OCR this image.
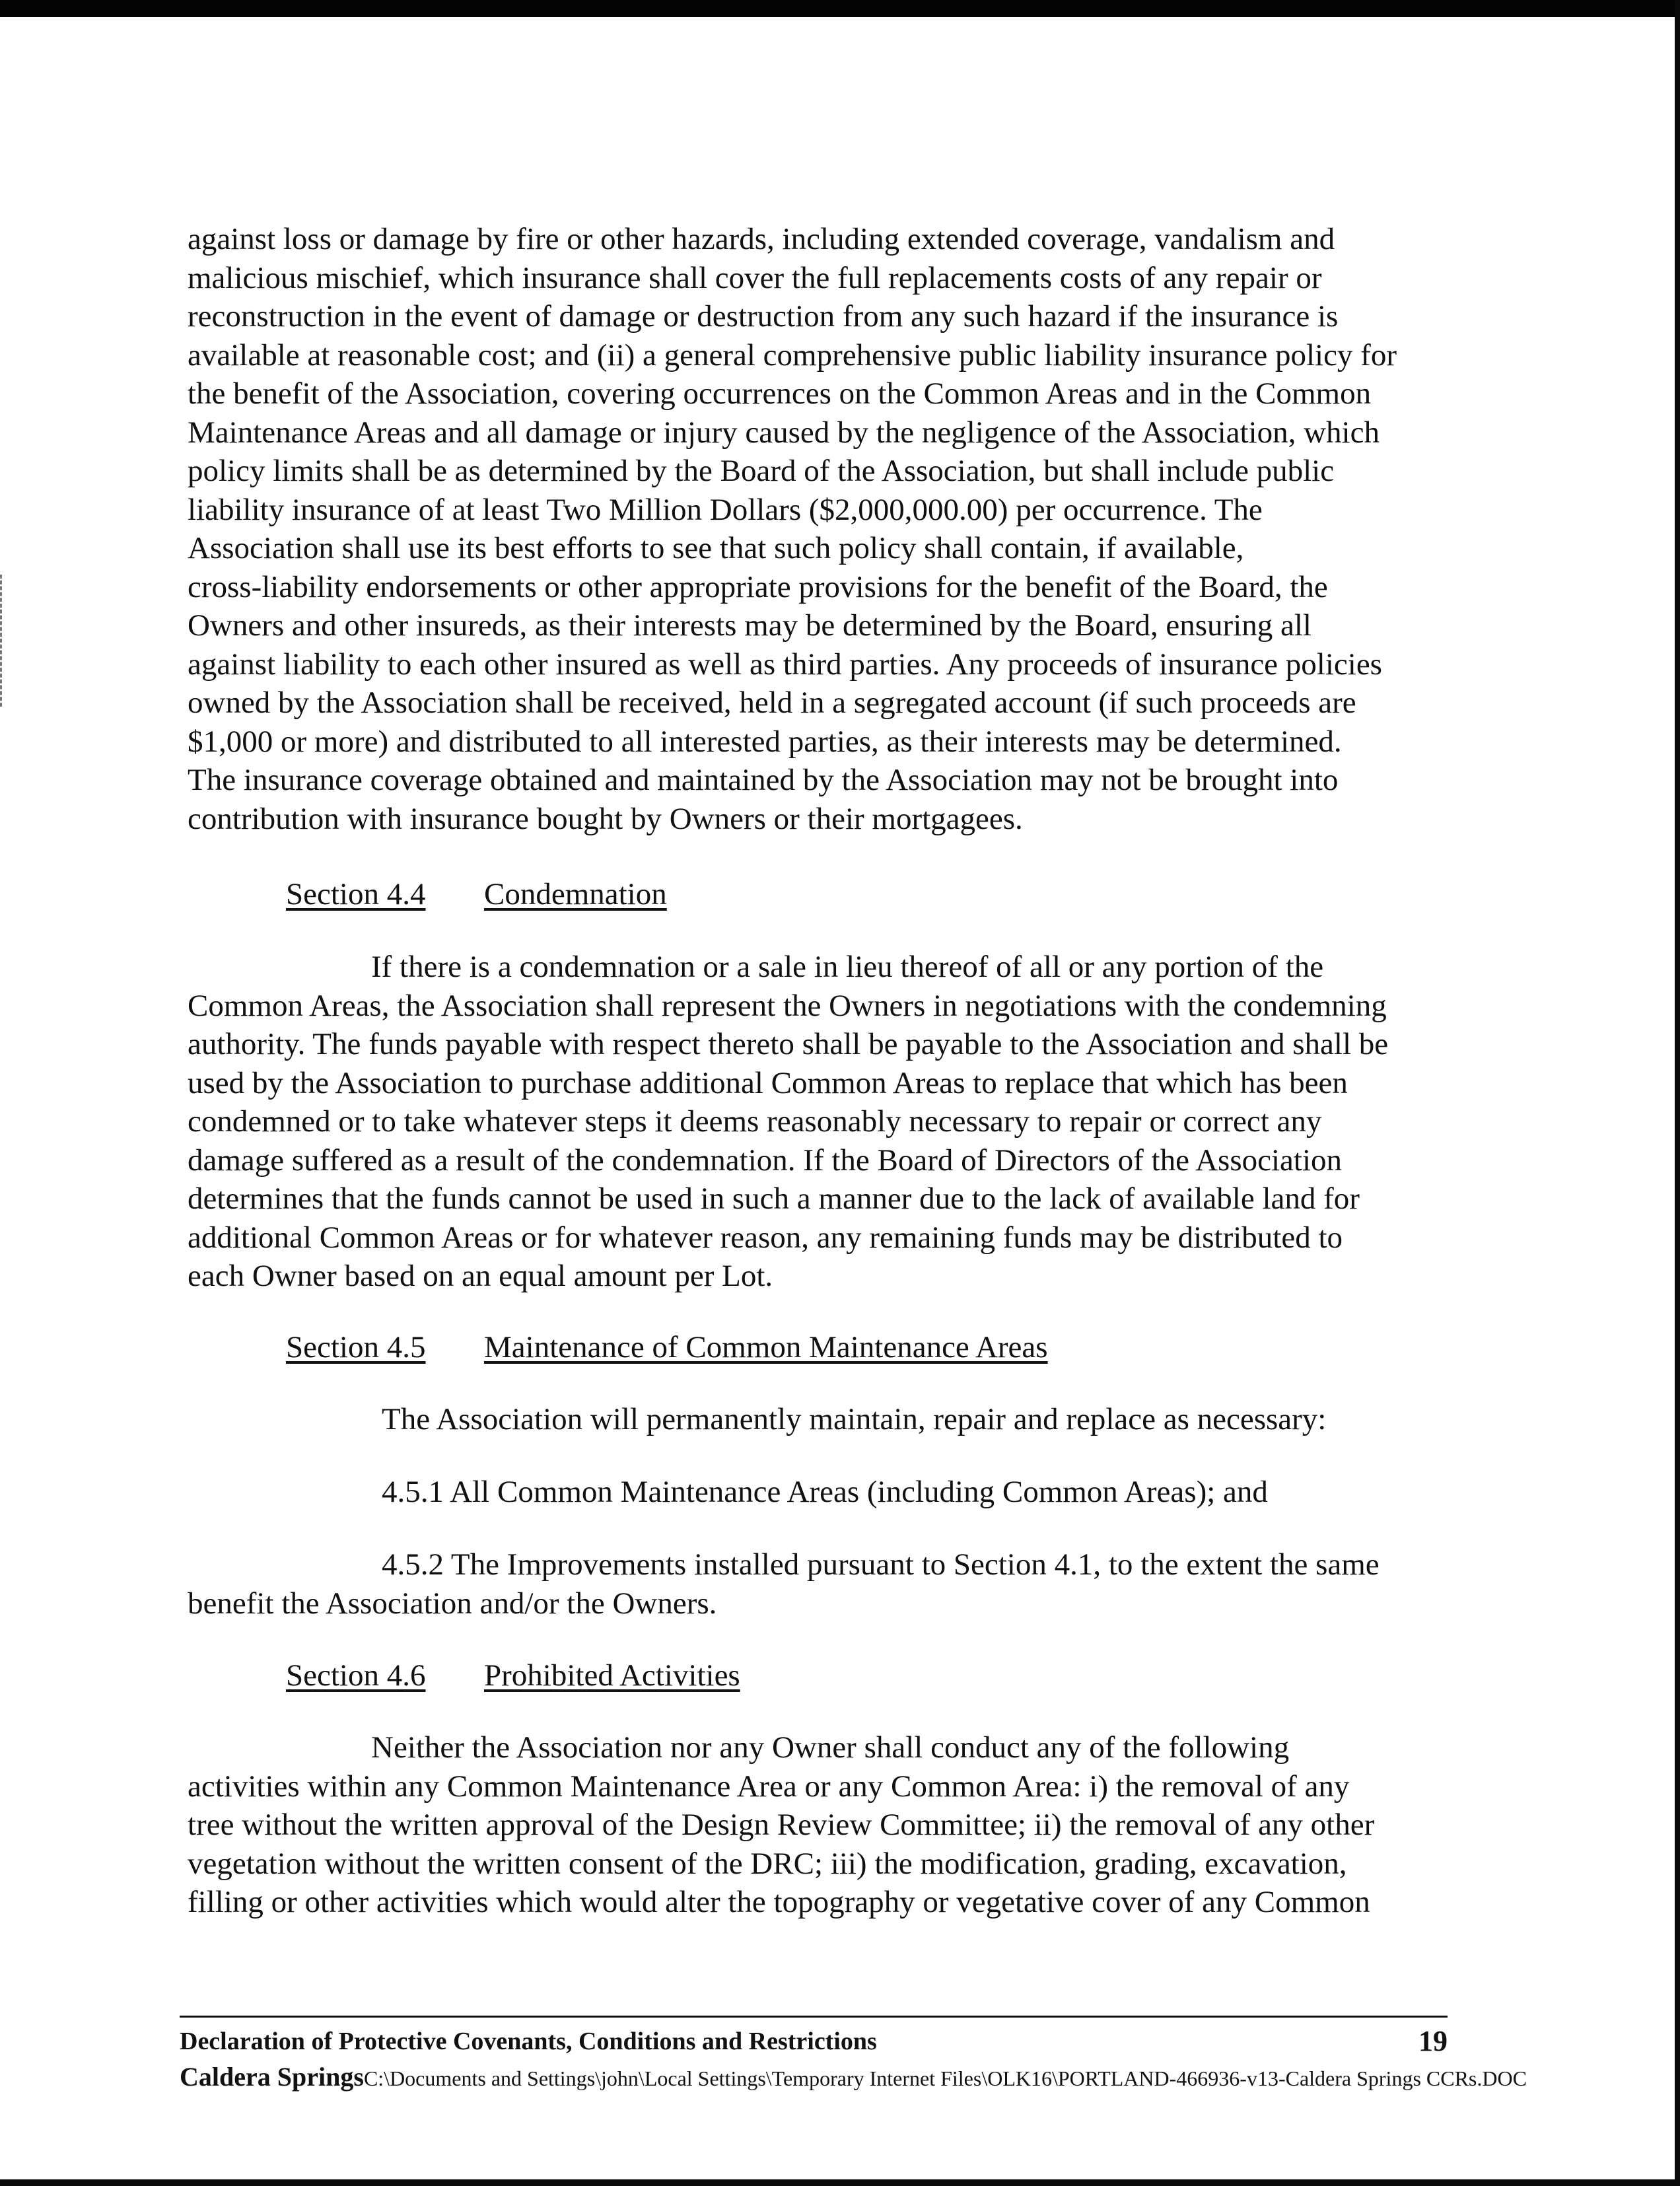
against loss or damage by fire or other hazards, including extended coverage, vandalism and
malicious mischief, which insurance shall cover the full replacements costs of any repair or
reconstruction in the event of damage or destruction from any such hazard if the insurance is
available at reasonable cost; and (ii) a general comprehensive public liability insurance policy for
the benefit of the Association, covering occurrences on the Common Areas and in the Common
Maintenance Areas and all damage or injury caused by the negligence of the Association, which
policy limits shall be as determined by the Board of the Association, but shall include public
liability insurance of at least Two Million Dollars ($2,000,000.00) per occurrence. The
Association shall use its best efforts to see that such policy shall contain, if available,
cross-liability endorsements or other appropriate provisions for the benefit of the Board, the
Owners and other insureds, as their interests may be determined by the Board, ensuring all
against liability to each other insured as well as third parties. Any proceeds of insurance policies
owned by the Association shall be received, held in a segregated account (if such proceeds are
$1,000 or more) and distributed to all interested parties, as their interests may be determined.
The insurance coverage obtained and maintained by the Association may not be brought into
contribution with insurance bought by Owners or their mortgagees.
Section 4.4 Condemnation
If there is a condemnation or a sale in lieu thereof of all or any portion of the
Common Areas, the Association shall represent the Owners in negotiations with the condemning
authority. The funds payable with respect thereto shall be payable to the Association and shall be
used by the Association to purchase additional Common Areas to replace that which has been
condemned or to take whatever steps it deems reasonably necessary to repair or correct any
damage suffered as a result of the condemnation. If the Board of Directors of the Association
determines that the funds cannot be used in such a manner due to the lack of available land for
additional Common Areas or for whatever reason, any remaining funds may be distributed to
each Owner based on an equal amount per Lot.
Section 4.5 Maintenance of Common Maintenance Areas
The Association will permanently maintain, repair and replace as necessary:
4.5.1 All Common Maintenance Areas (including Common Areas); and
4.5.2 The Improvements installed pursuant to Section 4.1, to the extent the same
benefit the Association and/or the Owners.
Section 4.6 Prohibited Activities
Neither the Association nor any Owner shall conduct any of the following
activities within any Common Maintenance Area or any Common Area: i) the removal of any
tree without the written approval of the Design Review Committee; ii) the removal of any other
vegetation without the written consent of the DRC; iii) the modification, grading, excavation,
filling or other activities which would alter the topography or vegetative cover of any Common
Declaration of Protective Covenants, Conditions and Restrictions	19
Caldera SpringsC:\Documents and Settings\john\Local Settings\Temporary Internet Files\OLK16\PORTLAND-466936-v13-Caldera Springs CCRs.DOC
